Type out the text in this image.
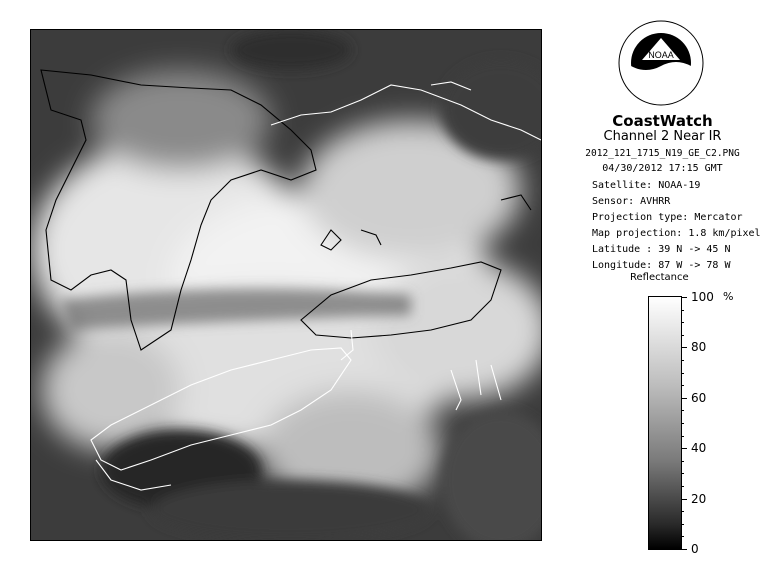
NOAA
CoastWatch
Channel 2 Near IR
2012_121_1715_N19_GE_C2.PNG
04/30/2012 17:15 GMT
Satellite: NOAA-19
Sensor: AVHRR
Projection type: Mercator
Map projection: 1.8 km/pixel
Latitude : 39 N -> 45 N
Longitude: 87 W -> 78 W
Reflectance
100
80
60
40
20
0
%
